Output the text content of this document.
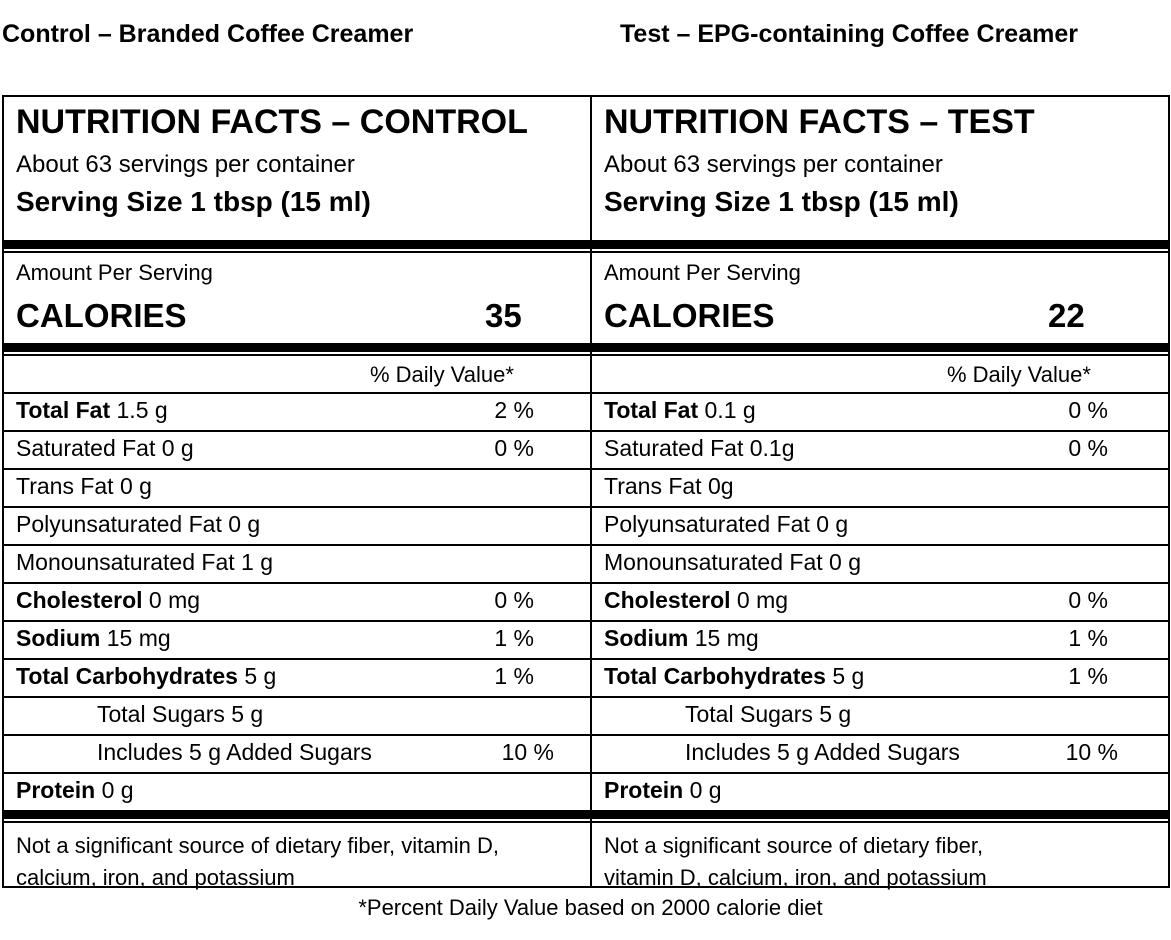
Control – Branded Coffee Creamer	Test – EPG-containing Coffee Creamer
NUTRITION FACTS – CONTROL
About 63 servings per container
Serving Size 1 tbsp (15 ml)
Amount Per Serving
CALORIES	35
% Daily Value*
Total Fat 1.5 g	2 %
Saturated Fat 0 g	0 %
Trans Fat 0 g
Polyunsaturated Fat 0 g
Monounsaturated Fat 1 g
Cholesterol 0 mg	0 %
Sodium 15 mg	1 %
Total Carbohydrates 5 g	1 %
Total Sugars 5 g
Includes 5 g Added Sugars	10 %
Protein 0 g
Not a significant source of dietary fiber, vitamin D,
calcium, iron, and potassium
NUTRITION FACTS – TEST
About 63 servings per container
Serving Size 1 tbsp (15 ml)
Amount Per Serving
CALORIES	22
% Daily Value*
Total Fat 0.1 g	0 %
Saturated Fat 0.1g	0 %
Trans Fat 0g
Polyunsaturated Fat 0 g
Monounsaturated Fat 0 g
Cholesterol 0 mg	0 %
Sodium 15 mg	1 %
Total Carbohydrates 5 g	1 %
Total Sugars 5 g
Includes 5 g Added Sugars	10 %
Protein 0 g
Not a significant source of dietary fiber,
vitamin D, calcium, iron, and potassium
*Percent Daily Value based on 2000 calorie diet
